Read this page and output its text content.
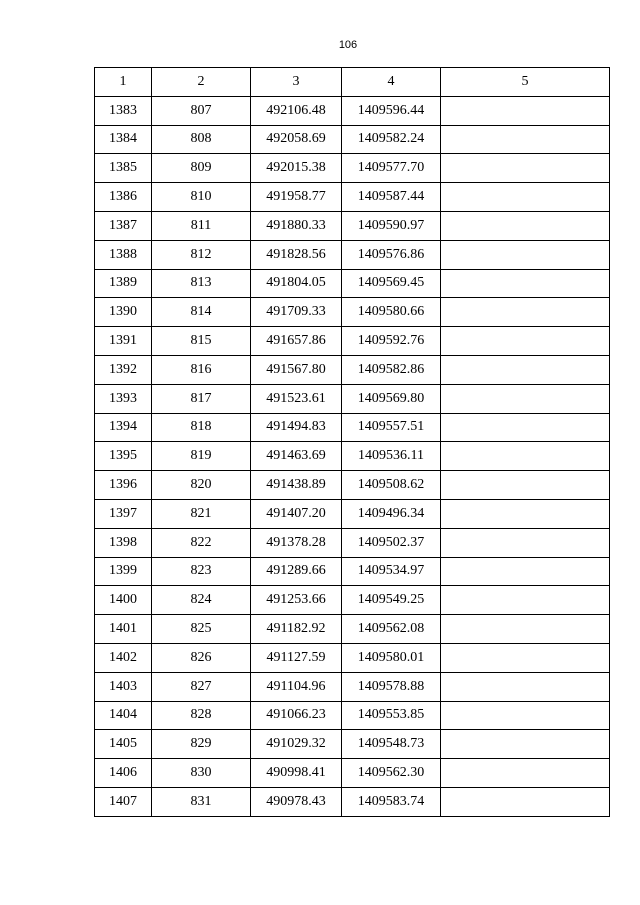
106
1	2	3	4	5
1383	807	492106.48	1409596.44	
1384	808	492058.69	1409582.24	
1385	809	492015.38	1409577.70	
1386	810	491958.77	1409587.44	
1387	811	491880.33	1409590.97	
1388	812	491828.56	1409576.86	
1389	813	491804.05	1409569.45	
1390	814	491709.33	1409580.66	
1391	815	491657.86	1409592.76	
1392	816	491567.80	1409582.86	
1393	817	491523.61	1409569.80	
1394	818	491494.83	1409557.51	
1395	819	491463.69	1409536.11	
1396	820	491438.89	1409508.62	
1397	821	491407.20	1409496.34	
1398	822	491378.28	1409502.37	
1399	823	491289.66	1409534.97	
1400	824	491253.66	1409549.25	
1401	825	491182.92	1409562.08	
1402	826	491127.59	1409580.01	
1403	827	491104.96	1409578.88	
1404	828	491066.23	1409553.85	
1405	829	491029.32	1409548.73	
1406	830	490998.41	1409562.30	
1407	831	490978.43	1409583.74	
